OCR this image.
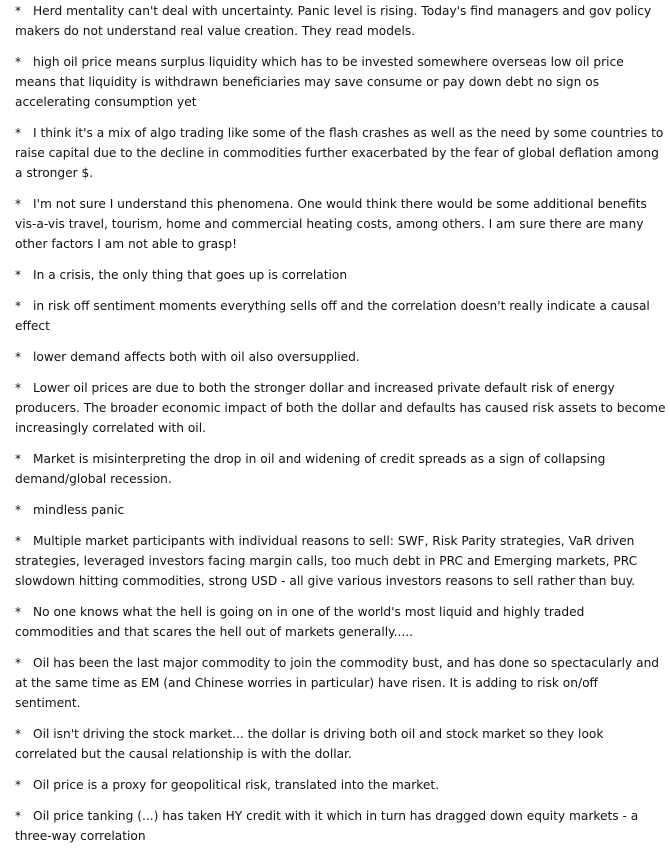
* Herd mentality can't deal with uncertainty. Panic level is rising. Today's find managers and gov policy makers do not understand real value creation. They read models.

* high oil price means surplus liquidity which has to be invested somewhere overseas low oil price means that liquidity is withdrawn beneficiaries may save consume or pay down debt no sign os accelerating consumption yet

* I think it's a mix of algo trading like some of the flash crashes as well as the need by some countries to raise capital due to the decline in commodities further exacerbated by the fear of global deflation among a stronger $.

* I'm not sure I understand this phenomena. One would think there would be some additional benefits vis-a-vis travel, tourism, home and commercial heating costs, among others. I am sure there are many other factors I am not able to grasp!

* In a crisis, the only thing that goes up is correlation

* in risk off sentiment moments everything sells off and the correlation doesn't really indicate a causal effect

* lower demand affects both with oil also oversupplied.

* Lower oil prices are due to both the stronger dollar and increased private default risk of energy producers. The broader economic impact of both the dollar and defaults has caused risk assets to become increasingly correlated with oil.

* Market is misinterpreting the drop in oil and widening of credit spreads as a sign of collapsing demand/global recession.

* mindless panic

* Multiple market participants with individual reasons to sell: SWF, Risk Parity strategies, VaR driven strategies, leveraged investors facing margin calls, too much debt in PRC and Emerging markets, PRC slowdown hitting commodities, strong USD - all give various investors reasons to sell rather than buy.

* No one knows what the hell is going on in one of the world's most liquid and highly traded commodities and that scares the hell out of markets generally.....

* Oil has been the last major commodity to join the commodity bust, and has done so spectacularly and at the same time as EM (and Chinese worries in particular) have risen. It is adding to risk on/off sentiment.

* Oil isn't driving the stock market... the dollar is driving both oil and stock market so they look correlated but the causal relationship is with the dollar.

* Oil price is a proxy for geopolitical risk, translated into the market.

* Oil price tanking (...) has taken HY credit with it which in turn has dragged down equity markets - a three-way correlation
